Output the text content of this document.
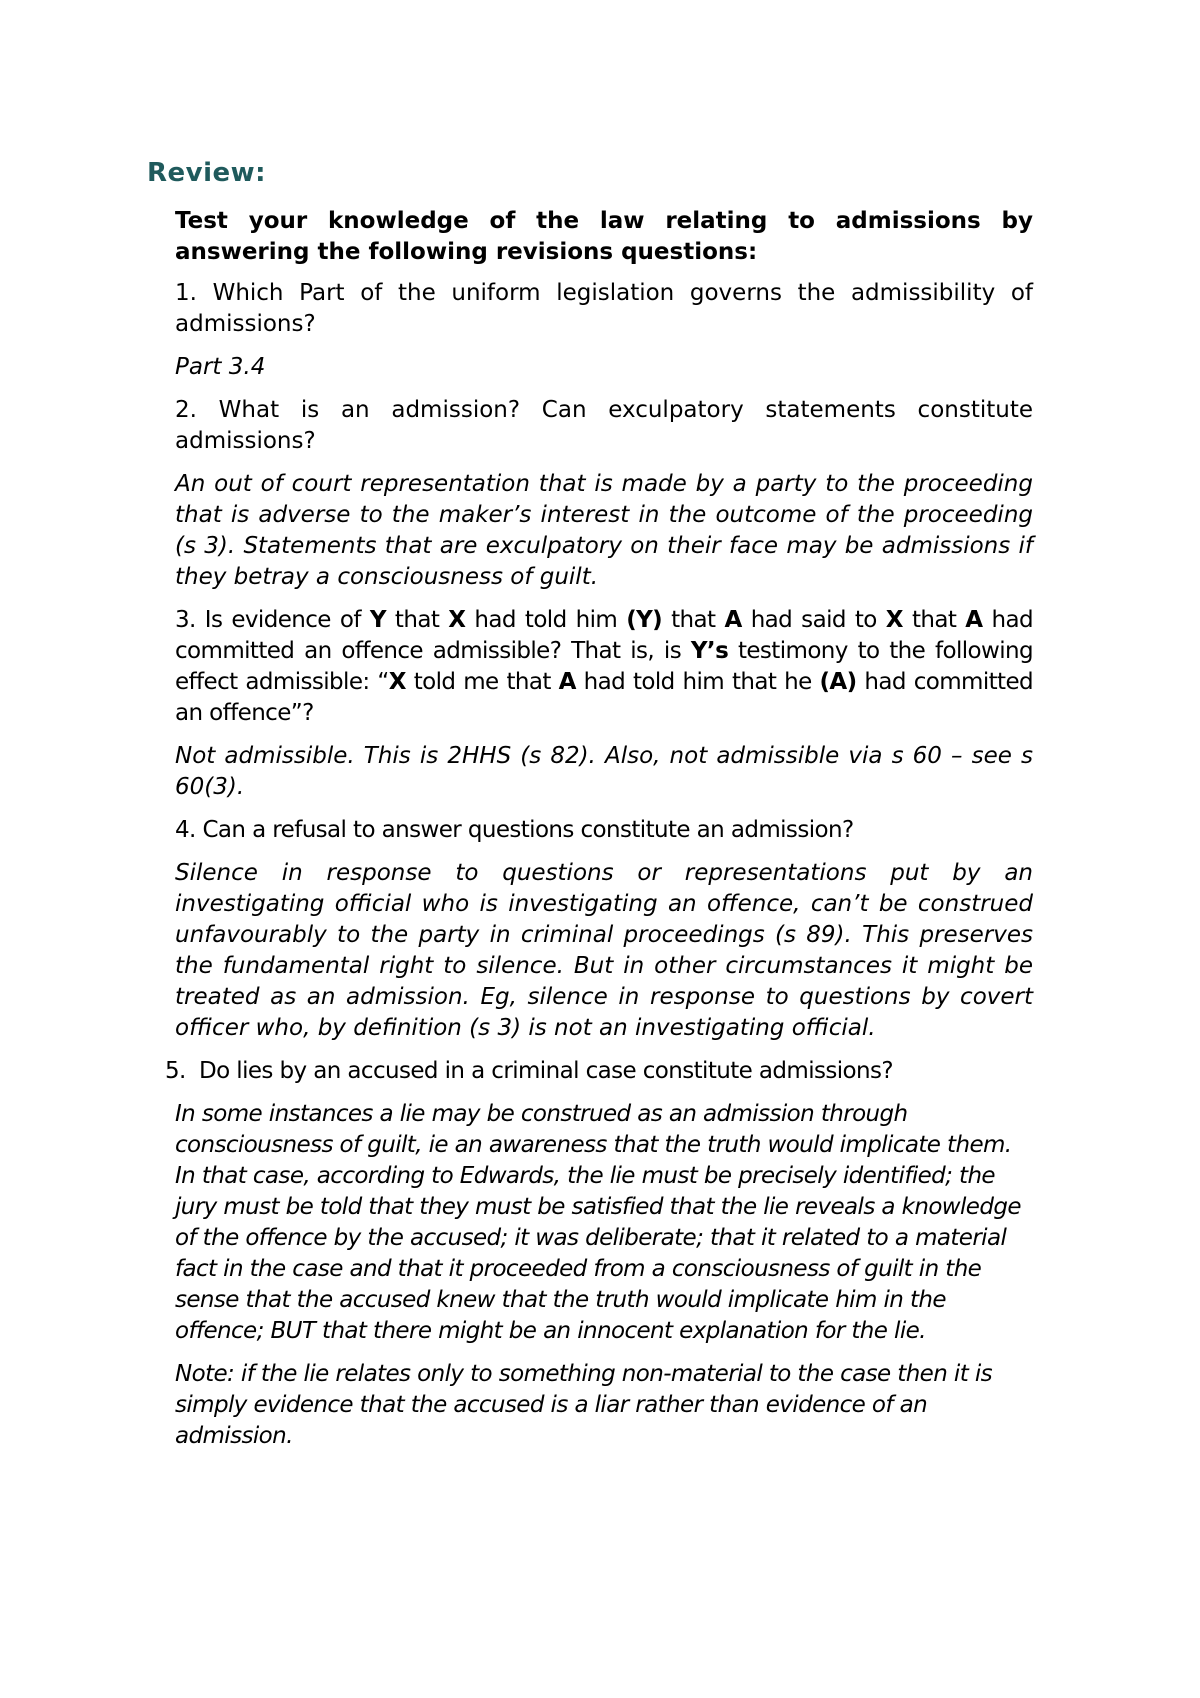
Review:

Test your knowledge of the law relating to admissions by answering the following revisions questions:

1. Which Part of the uniform legislation governs the admissibility of admissions?

Part 3.4

2. What is an admission? Can exculpatory statements constitute admissions?

An out of court representation that is made by a party to the proceeding that is adverse to the maker’s interest in the outcome of the proceeding (s 3). Statements that are exculpatory on their face may be admissions if they betray a consciousness of guilt.

3. Is evidence of Y that X had told him (Y) that A had said to X that A had committed an offence admissible? That is, is Y’s testimony to the following effect admissible: “X told me that A had told him that he (A) had committed an offence”?

Not admissible. This is 2HHS (s 82). Also, not admissible via s 60 – see s 60(3).

4. Can a refusal to answer questions constitute an admission?

Silence in response to questions or representations put by an investigating official who is investigating an offence, can’t be construed unfavourably to the party in criminal proceedings (s 89). This preserves the fundamental right to silence. But in other circumstances it might be treated as an admission. Eg, silence in response to questions by covert officer who, by definition (s 3) is not an investigating official.

5. Do lies by an accused in a criminal case constitute admissions?

In some instances a lie may be construed as an admission through consciousness of guilt, ie an awareness that the truth would implicate them. In that case, according to Edwards, the lie must be precisely identified; the jury must be told that they must be satisfied that the lie reveals a knowledge of the offence by the accused; it was deliberate; that it related to a material fact in the case and that it proceeded from a consciousness of guilt in the sense that the accused knew that the truth would implicate him in the offence; BUT that there might be an innocent explanation for the lie.

Note: if the lie relates only to something non-material to the case then it is simply evidence that the accused is a liar rather than evidence of an admission.
